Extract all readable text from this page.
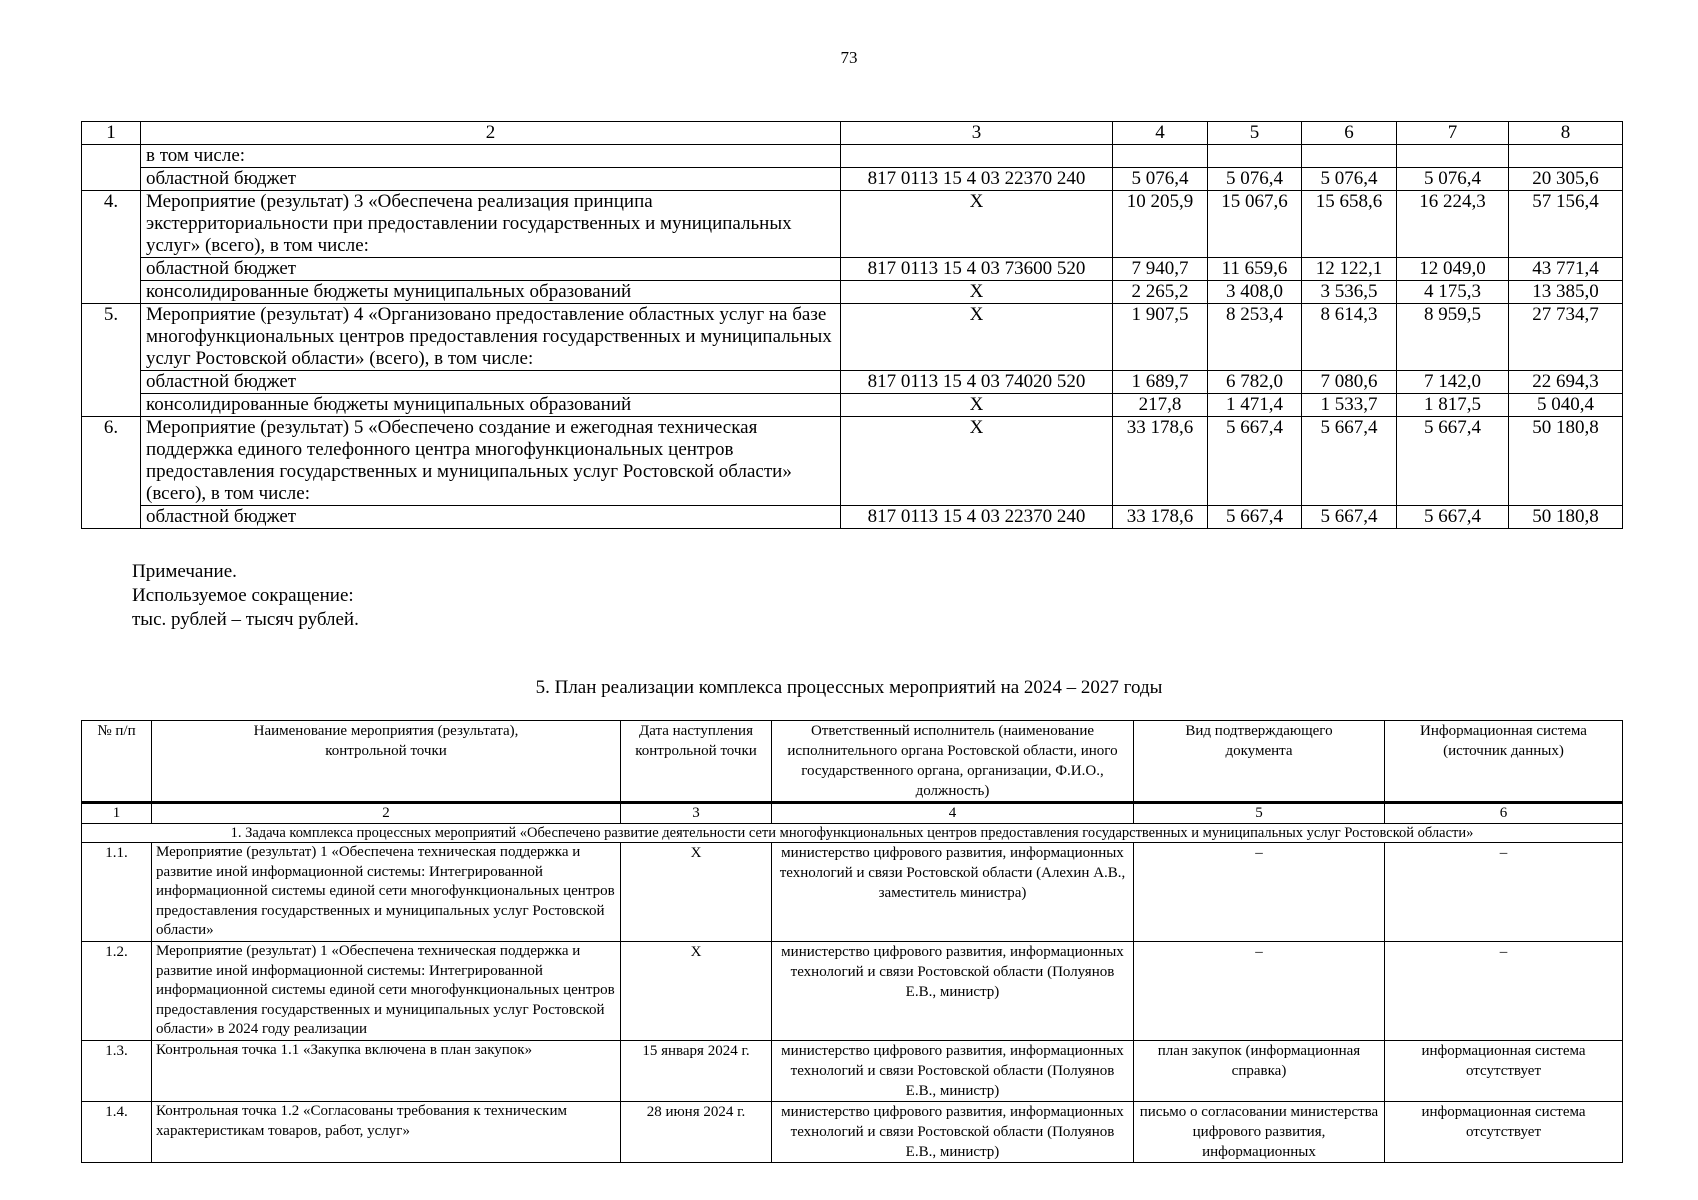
73
1	2	3	4	5	6	7	8
	в том числе:						
	областной бюджет	817 0113 15 4 03 22370 240	5 076,4	5 076,4	5 076,4	5 076,4	20 305,6
4.	Мероприятие (результат) 3 «Обеспечена реализация принципа экстерриториальности при предоставлении государственных и муниципальных услуг» (всего), в том числе:	Х	10 205,9	15 067,6	15 658,6	16 224,3	57 156,4
	областной бюджет	817 0113 15 4 03 73600 520	7 940,7	11 659,6	12 122,1	12 049,0	43 771,4
	консолидированные бюджеты муниципальных образований	Х	2 265,2	3 408,0	3 536,5	4 175,3	13 385,0
5.	Мероприятие (результат) 4 «Организовано предоставление областных услуг на базе многофункциональных центров предоставления государственных и муниципальных услуг Ростовской области» (всего), в том числе:	Х	1 907,5	8 253,4	8 614,3	8 959,5	27 734,7
	областной бюджет	817 0113 15 4 03 74020 520	1 689,7	6 782,0	7 080,6	7 142,0	22 694,3
	консолидированные бюджеты муниципальных образований	Х	217,8	1 471,4	1 533,7	1 817,5	5 040,4
6.	Мероприятие (результат) 5 «Обеспечено создание и ежегодная техническая поддержка единого телефонного центра многофункциональных центров предоставления государственных и муниципальных услуг Ростовской области» (всего), в том числе:	Х	33 178,6	5 667,4	5 667,4	5 667,4	50 180,8
	областной бюджет	817 0113 15 4 03 22370 240	33 178,6	5 667,4	5 667,4	5 667,4	50 180,8
Примечание.
Используемое сокращение:
тыс. рублей – тысяч рублей.
5. План реализации комплекса процессных мероприятий на 2024 – 2027 годы
№ п/п	Наименование мероприятия (результата), контрольной точки	Дата наступления контрольной точки	Ответственный исполнитель (наименование исполнительного органа Ростовской области, иного государственного органа, организации, Ф.И.О., должность)	Вид подтверждающего документа	Информационная система (источник данных)
1	2	3	4	5	6
1. Задача комплекса процессных мероприятий «Обеспечено развитие деятельности сети многофункциональных центров предоставления государственных и муниципальных услуг Ростовской области»					
1.1.	Мероприятие (результат) 1 «Обеспечена техническая поддержка и развитие иной информационной системы: Интегрированной информационной системы единой сети многофункциональных центров предоставления государственных и муниципальных услуг Ростовской области»	Х	министерство цифрового развития, информационных технологий и связи Ростовской области (Алехин А.В., заместитель министра)	–	–
1.2.	Мероприятие (результат) 1 «Обеспечена техническая поддержка и развитие иной информационной системы: Интегрированной информационной системы единой сети многофункциональных центров предоставления государственных и муниципальных услуг Ростовской области» в 2024 году реализации	Х	министерство цифрового развития, информационных технологий и связи Ростовской области (Полуянов Е.В., министр)	–	–
1.3.	Контрольная точка 1.1 «Закупка включена в план закупок»	15 января 2024 г.	министерство цифрового развития, информационных технологий и связи Ростовской области (Полуянов Е.В., министр)	план закупок (информационная справка)	информационная система отсутствует
1.4.	Контрольная точка 1.2 «Согласованы требования к техническим характеристикам товаров, работ, услуг»	28 июня 2024 г.	министерство цифрового развития, информационных технологий и связи Ростовской области (Полуянов Е.В., министр)	письмо о согласовании министерства цифрового развития, информационных	информационная система отсутствует
